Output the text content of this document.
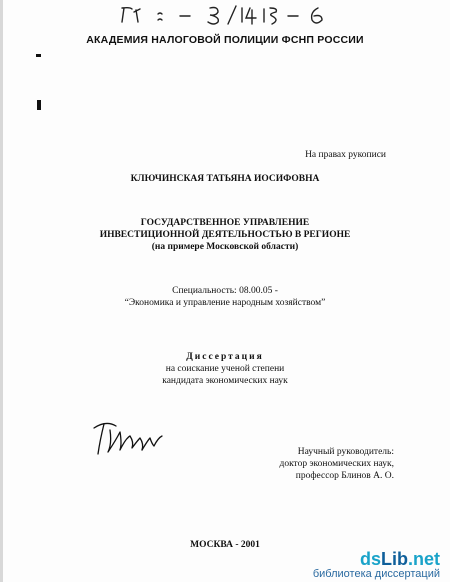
АКАДЕМИЯ НАЛОГОВОЙ ПОЛИЦИИ ФСНП РОССИИ
На правах рукописи
КЛЮЧИНСКАЯ ТАТЬЯНА ИОСИФОВНА
ГОСУДАРСТВЕННОЕ УПРАВЛЕНИЕ
ИНВЕСТИЦИОННОЙ ДЕЯТЕЛЬНОСТЬЮ В РЕГИОНЕ
(на примере Московской области)
Специальность: 08.00.05 -
“Экономика и управление народным хозяйством”
Диссертация
на соискание ученой степени
кандидата экономических наук
Научный руководитель:
доктор экономических наук,
профессор Блинов А. О.
МОСКВА - 2001
dsLib.net
библиотека диссертаций
